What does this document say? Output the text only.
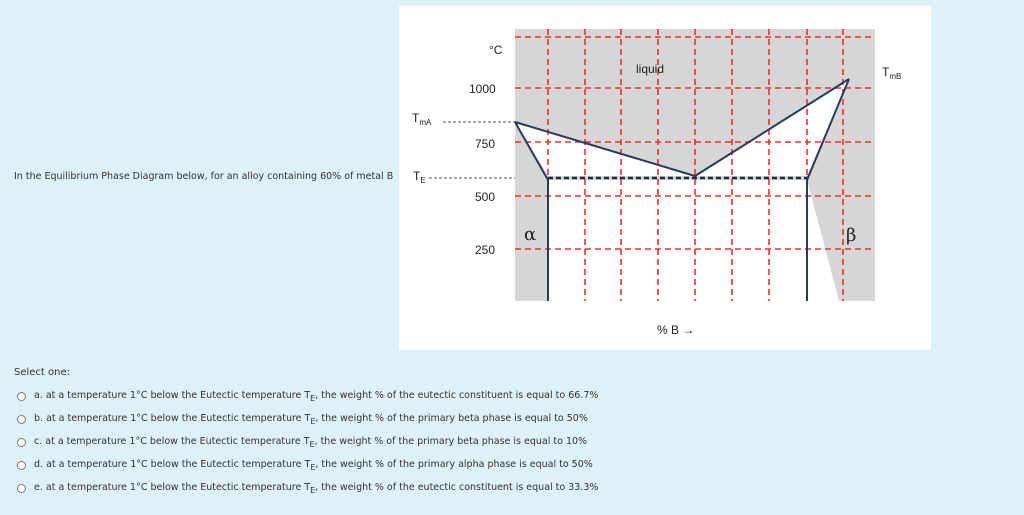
In the Equilibrium Phase Diagram below, for an alloy containing 60% of metal B
°C
1000
750
500
250
% B →
liquid
α	β
$T_{mA}$
$T_E$
$T_{mB}$
Select one:
a. at a temperature 1°C below the Eutectic temperature $T_E$, the weight % of the eutectic constituent is equal to 66.7%
b. at a temperature 1°C below the Eutectic temperature $T_E$, the weight % of the primary beta phase is equal to 50%
c. at a temperature 1°C below the Eutectic temperature $T_E$, the weight % of the primary beta phase is equal to 10%
d. at a temperature 1°C below the Eutectic temperature $T_E$, the weight % of the primary alpha phase is equal to 50%
e. at a temperature 1°C below the Eutectic temperature $T_E$, the weight % of the eutectic constituent is equal to 33.3%
